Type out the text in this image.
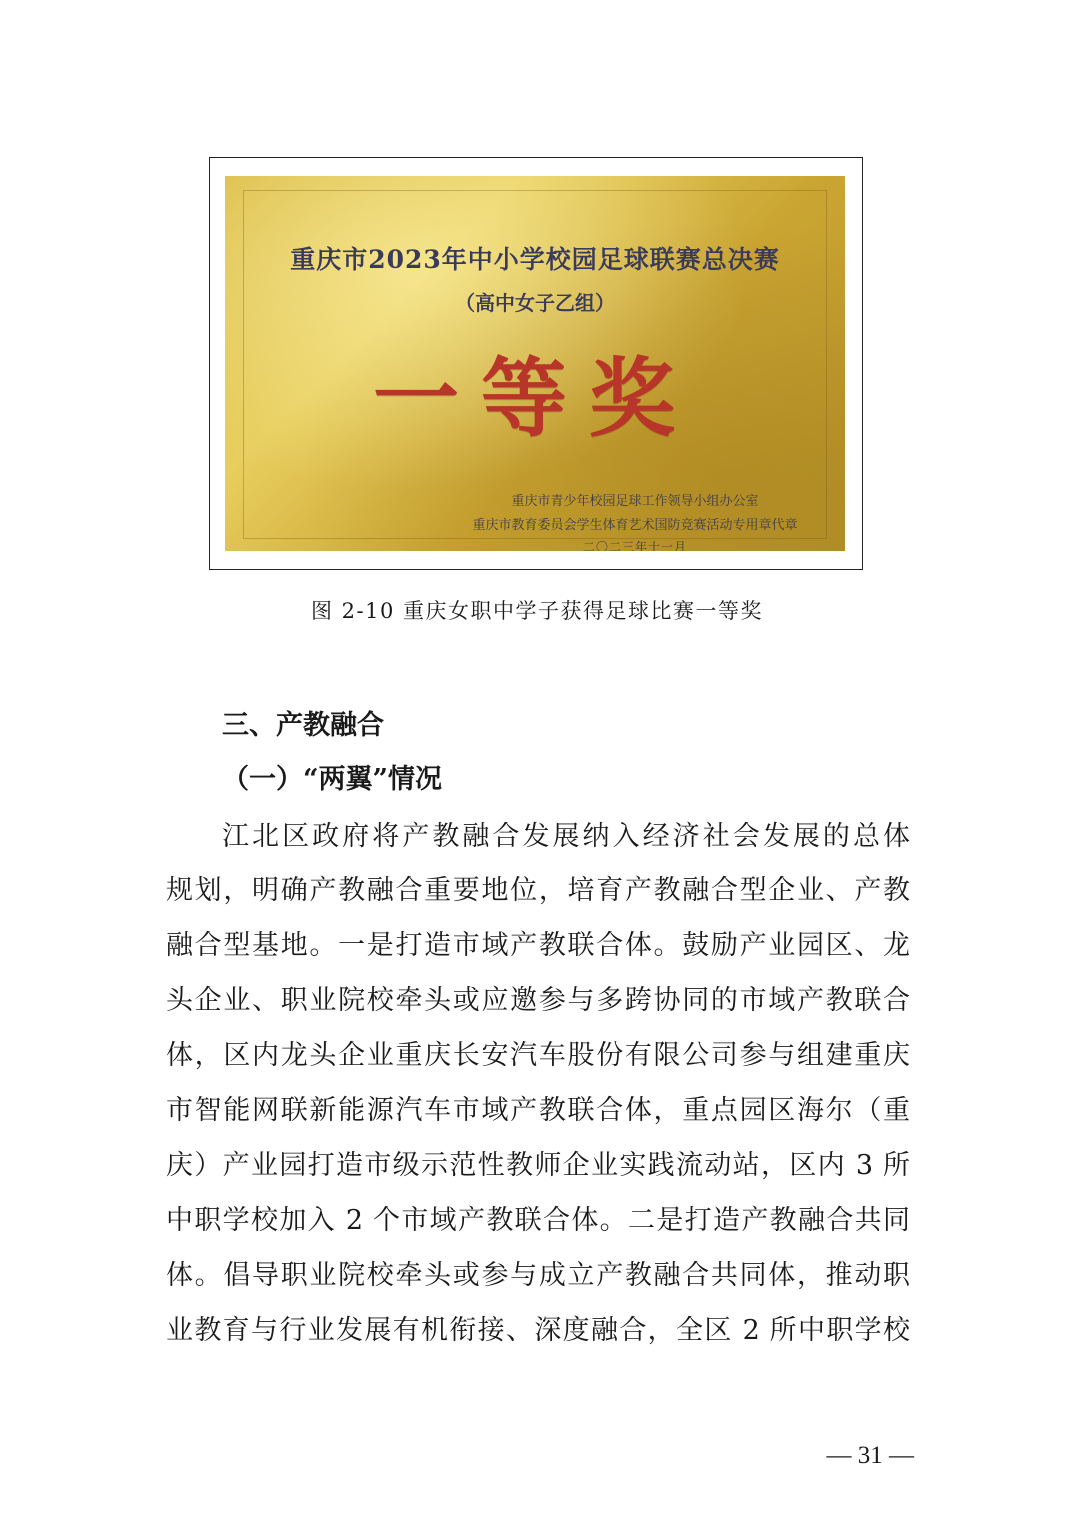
重庆市2023年中小学校园足球联赛总决赛
（高中女子乙组）
一等奖
重庆市青少年校园足球工作领导小组办公室
重庆市教育委员会学生体育艺术国防竞赛活动专用章代章
二〇二三年十一月
图 2-10 重庆女职中学子获得足球比赛一等奖
三、产教融合
（一）“两翼”情况
江北区政府将产教融合发展纳入经济社会发展的总体
规划，明确产教融合重要地位，培育产教融合型企业、产教
融合型基地。一是打造市域产教联合体。鼓励产业园区、龙
头企业、职业院校牵头或应邀参与多跨协同的市域产教联合
体，区内龙头企业重庆长安汽车股份有限公司参与组建重庆
市智能网联新能源汽车市域产教联合体，重点园区海尔（重
庆）产业园打造市级示范性教师企业实践流动站，区内 3 所
中职学校加入 2 个市域产教联合体。二是打造产教融合共同
体。倡导职业院校牵头或参与成立产教融合共同体，推动职
业教育与行业发展有机衔接、深度融合，全区 2 所中职学校
— 31 —
